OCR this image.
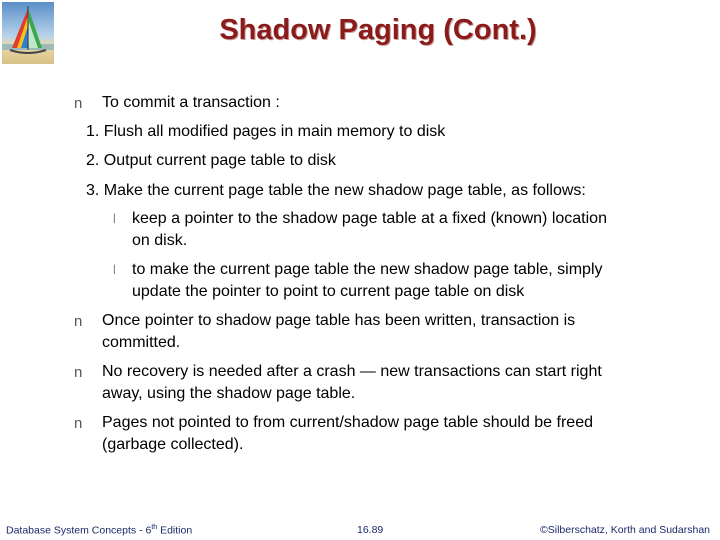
Shadow Paging (Cont.)
n To commit a transaction :
1. Flush all modified pages in main memory to disk
2. Output current page table to disk
3. Make the current page table the new shadow page table, as follows:
l keep a pointer to the shadow page table at a fixed (known) location
on disk.
l to make the current page table the new shadow page table, simply
update the pointer to point to current page table on disk
n Once pointer to shadow page table has been written, transaction is
committed.
n No recovery is needed after a crash — new transactions can start right
away, using the shadow page table.
n Pages not pointed to from current/shadow page table should be freed
(garbage collected).
Database System Concepts - 6th Edition	16.89	©Silberschatz, Korth and Sudarshan
